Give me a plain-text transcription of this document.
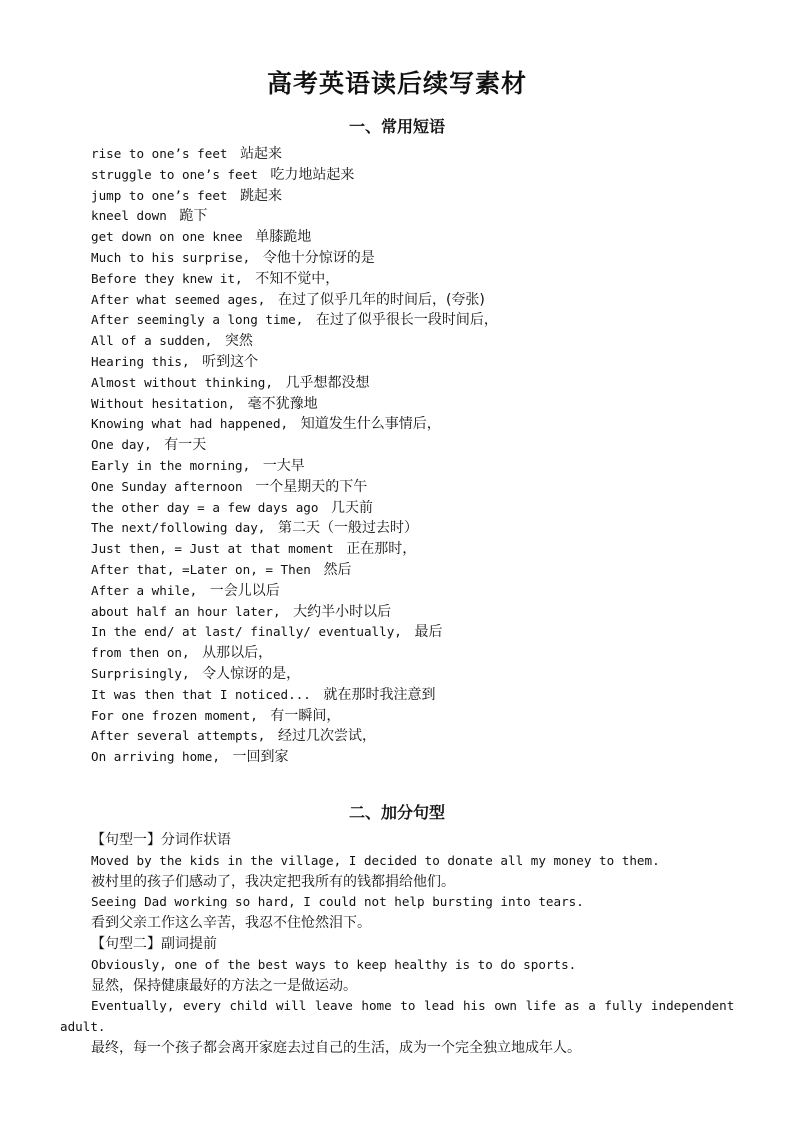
高考英语读后续写素材
一、常用短语
rise to one’s feet 站起来
struggle to one’s feet 吃力地站起来
jump to one’s feet 跳起来
kneel down 跪下
get down on one knee 单膝跪地
Much to his surprise, 令他十分惊讶的是
Before they knew it, 不知不觉中，
After what seemed ages, 在过了似乎几年的时间后，(夸张)
After seemingly a long time, 在过了似乎很长一段时间后，
All of a sudden, 突然
Hearing this, 听到这个
Almost without thinking, 几乎想都没想
Without hesitation, 毫不犹豫地
Knowing what had happened, 知道发生什么事情后，
One day, 有一天
Early in the morning, 一大早
One Sunday afternoon 一个星期天的下午
the other day = a few days ago 几天前
The next/following day, 第二天（一般过去时）
Just then, = Just at that moment 正在那时，
After that, =Later on, = Then 然后
After a while, 一会儿以后
about half an hour later, 大约半小时以后
In the end/ at last/ finally/ eventually, 最后
from then on, 从那以后，
Surprisingly, 令人惊讶的是，
It was then that I noticed... 就在那时我注意到
For one frozen moment, 有一瞬间，
After several attempts, 经过几次尝试，
On arriving home, 一回到家
二、加分句型
【句型一】分词作状语
Moved by the kids in the village, I decided to donate all my money to them.
被村里的孩子们感动了，我决定把我所有的钱都捐给他们。
Seeing Dad working so hard, I could not help bursting into tears.
看到父亲工作这么辛苦，我忍不住怆然泪下。
【句型二】副词提前
Obviously, one of the best ways to keep healthy is to do sports.
显然，保持健康最好的方法之一是做运动。
Eventually, every child will leave home to lead his own life as a fully independent adult.
最终，每一个孩子都会离开家庭去过自己的生活，成为一个完全独立地成年人。
